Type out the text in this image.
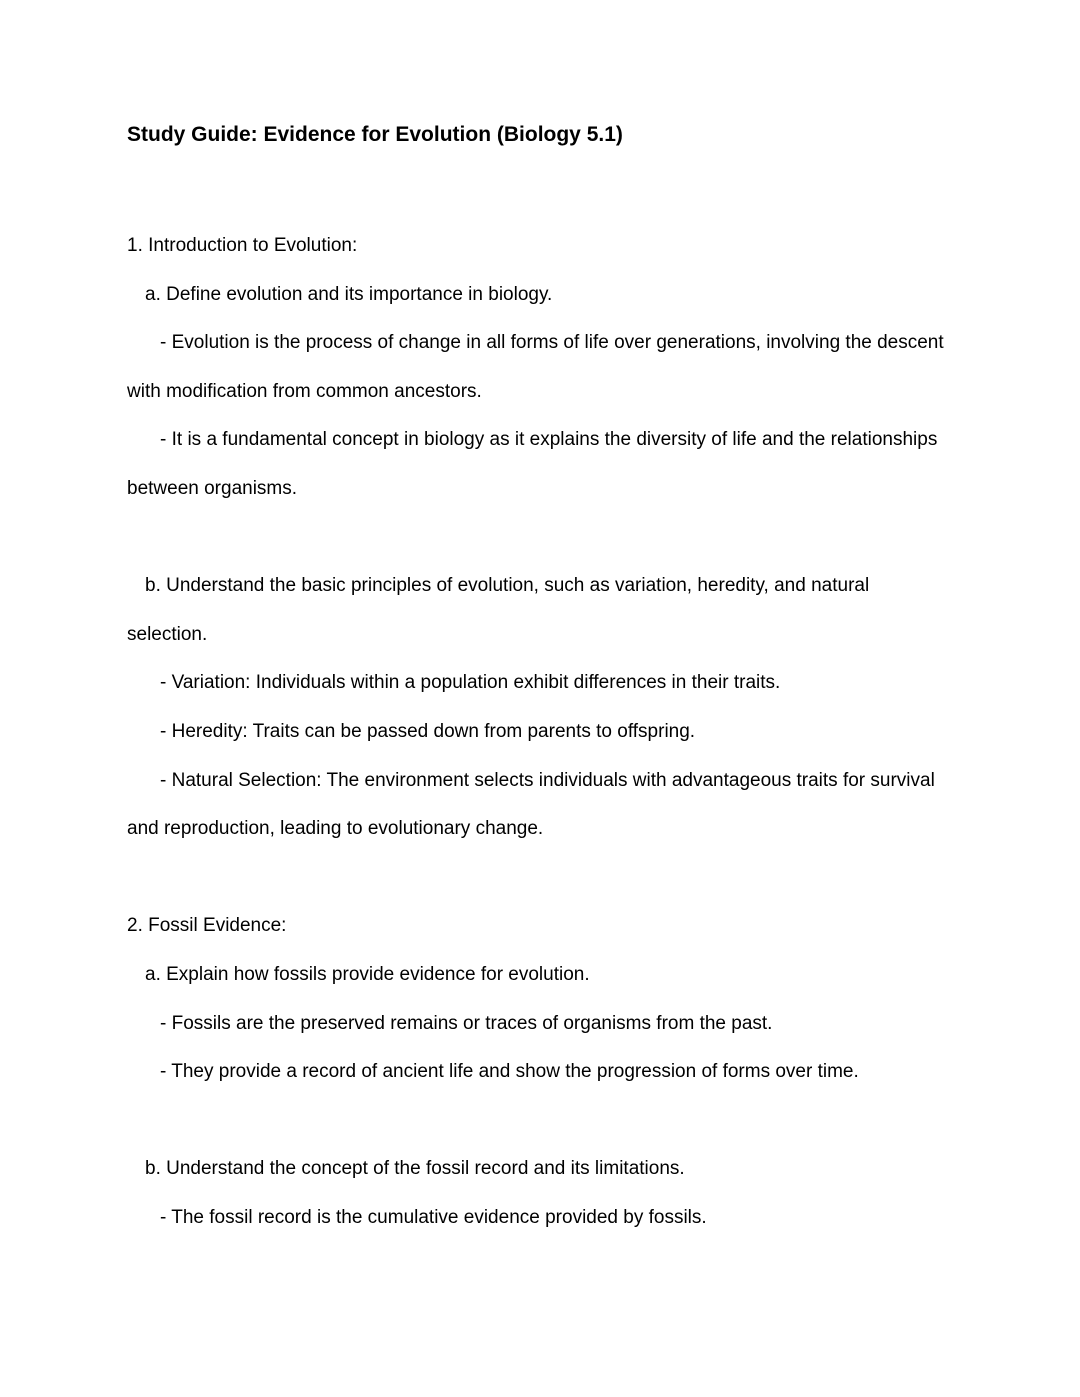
Study Guide: Evidence for Evolution (Biology 5.1)

1. Introduction to Evolution:

a. Define evolution and its importance in biology.

- Evolution is the process of change in all forms of life over generations, involving the descent with modification from common ancestors.

- It is a fundamental concept in biology as it explains the diversity of life and the relationships between organisms.

b. Understand the basic principles of evolution, such as variation, heredity, and natural selection.

- Variation: Individuals within a population exhibit differences in their traits.

- Heredity: Traits can be passed down from parents to offspring.

- Natural Selection: The environment selects individuals with advantageous traits for survival and reproduction, leading to evolutionary change.

2. Fossil Evidence:

a. Explain how fossils provide evidence for evolution.

- Fossils are the preserved remains or traces of organisms from the past.

- They provide a record of ancient life and show the progression of forms over time.

b. Understand the concept of the fossil record and its limitations.

- The fossil record is the cumulative evidence provided by fossils.
